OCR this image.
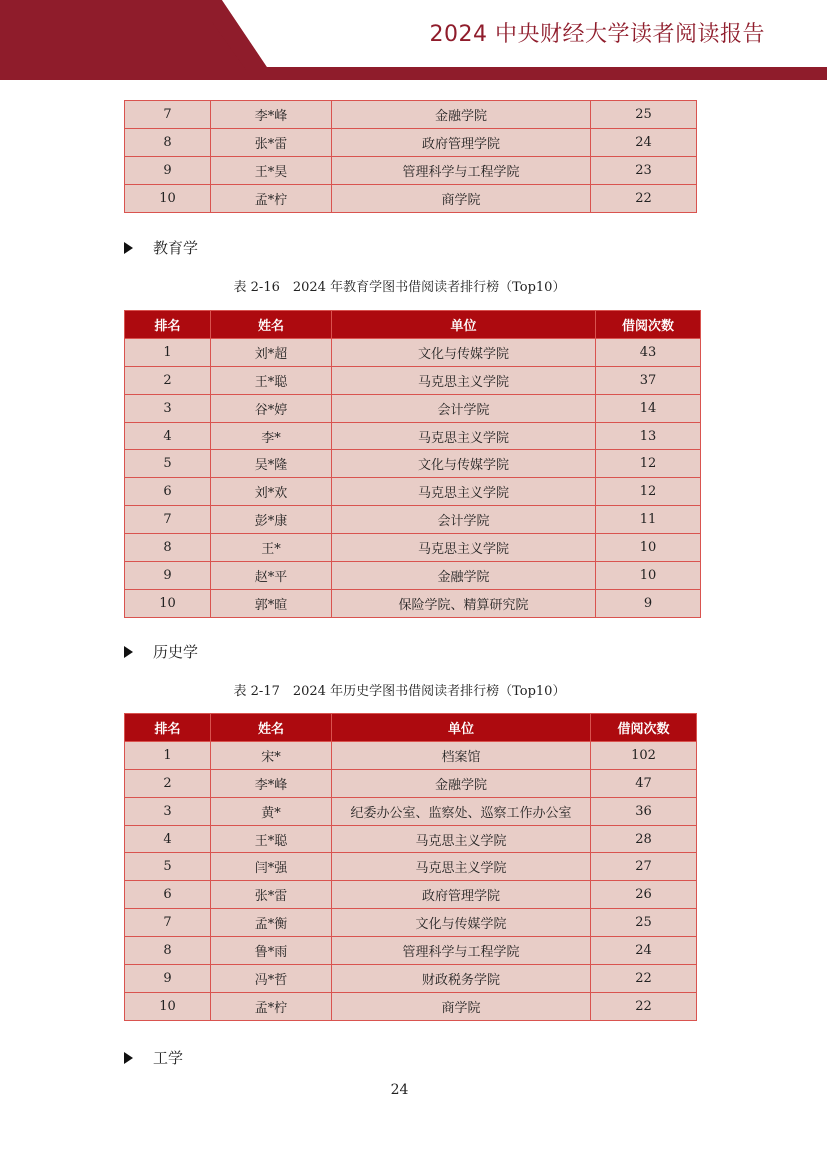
2024 中央财经大学读者阅读报告
7	李*峰	金融学院	25
8	张*雷	政府管理学院	24
9	王*昊	管理科学与工程学院	23
10	孟*柠	商学院	22
教育学
表 2-16　2024 年教育学图书借阅读者排行榜（Top10）
排名	姓名	单位	借阅次数
1	刘*超	文化与传媒学院	43
2	王*聪	马克思主义学院	37
3	谷*婷	会计学院	14
4	李*	马克思主义学院	13
5	吴*隆	文化与传媒学院	12
6	刘*欢	马克思主义学院	12
7	彭*康	会计学院	11
8	王*	马克思主义学院	10
9	赵*平	金融学院	10
10	郭*暄	保险学院、精算研究院	9
历史学
表 2-17　2024 年历史学图书借阅读者排行榜（Top10）
排名	姓名	单位	借阅次数
1	宋*	档案馆	102
2	李*峰	金融学院	47
3	黄*	纪委办公室、监察处、巡察工作办公室	36
4	王*聪	马克思主义学院	28
5	闫*强	马克思主义学院	27
6	张*雷	政府管理学院	26
7	孟*衡	文化与传媒学院	25
8	鲁*雨	管理科学与工程学院	24
9	冯*哲	财政税务学院	22
10	孟*柠	商学院	22
工学
24
